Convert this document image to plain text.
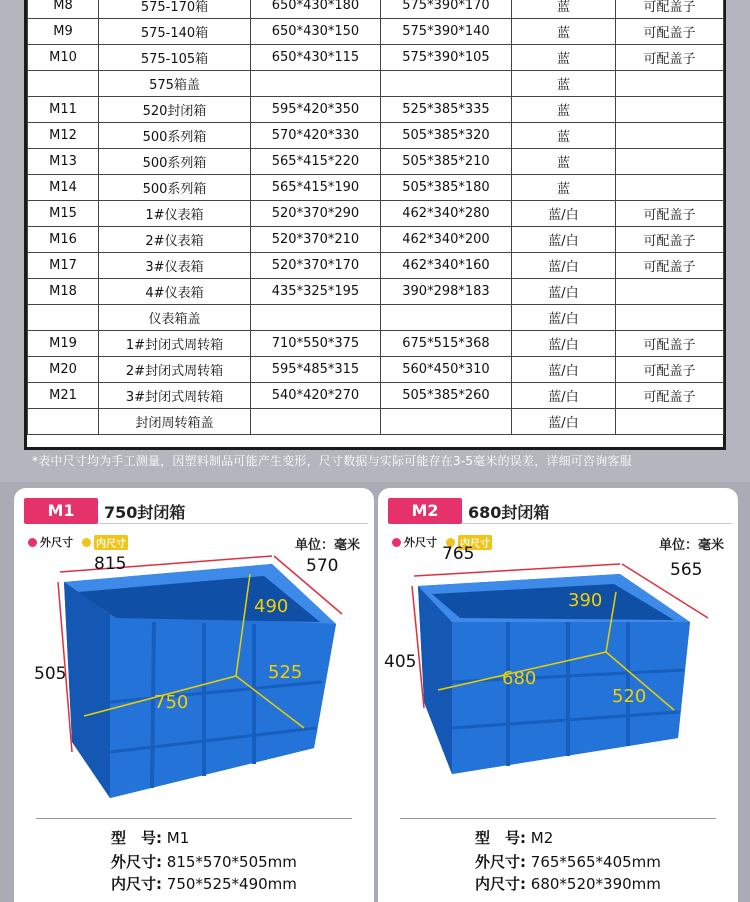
M8	575-170箱	650*430*180	575*390*170	蓝	可配盖子
M9	575-140箱	650*430*150	575*390*140	蓝	可配盖子
M10	575-105箱	650*430*115	575*390*105	蓝	可配盖子
	575箱盖			蓝	
M11	520封闭箱	595*420*350	525*385*335	蓝	
M12	500系列箱	570*420*330	505*385*320	蓝	
M13	500系列箱	565*415*220	505*385*210	蓝	
M14	500系列箱	565*415*190	505*385*180	蓝	
M15	1#仪表箱	520*370*290	462*340*280	蓝/白	可配盖子
M16	2#仪表箱	520*370*210	462*340*200	蓝/白	可配盖子
M17	3#仪表箱	520*370*170	462*340*160	蓝/白	可配盖子
M18	4#仪表箱	435*325*195	390*298*183	蓝/白	
	仪表箱盖			蓝/白	
M19	1#封闭式周转箱	710*550*375	675*515*368	蓝/白	可配盖子
M20	2#封闭式周转箱	595*485*315	560*450*310	蓝/白	可配盖子
M21	3#封闭式周转箱	540*420*270	505*385*260	蓝/白	可配盖子
	封闭周转箱盖			蓝/白	
*表中尺寸均为手工测量，因塑料制品可能产生变形，尺寸数据与实际可能存在3-5毫米的误差，详细可咨询客服
M1	750封闭箱
外尺寸 内尺寸	单位：毫米
815	570
505
490
750
525
型　号: M1
外尺寸: 815*570*505mm
内尺寸: 750*525*490mm
M2	680封闭箱
外尺寸 内尺寸	单位：毫米
765
565
405
390
680
520
型　号: M2
外尺寸: 765*565*405mm
内尺寸: 680*520*390mm
